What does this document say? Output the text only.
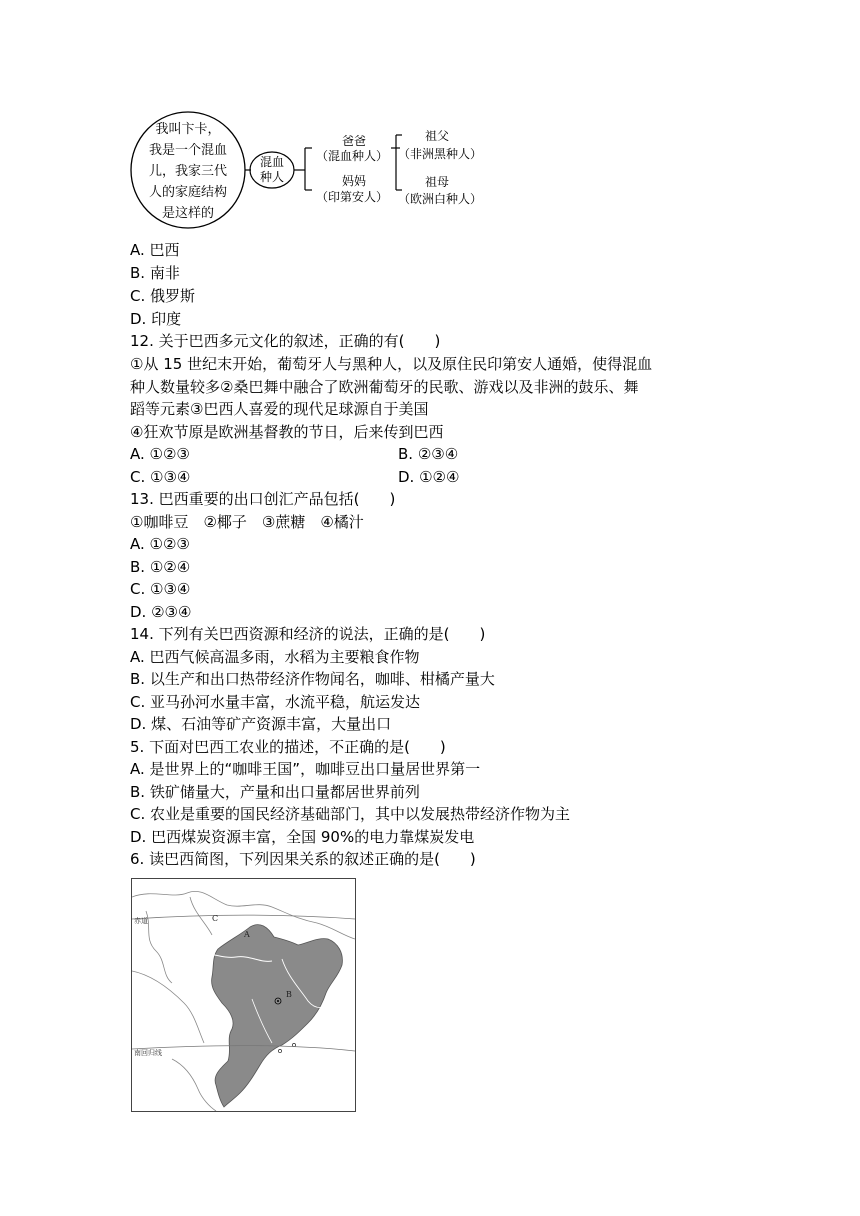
我叫卞卡，
我是一个混血
儿，我家三代
人的家庭结构
是这样的
混血
种人
爸爸
（混血种人）
妈妈
（印第安人）
祖父
（非洲黑种人）
祖母
（欧洲白种人）
A. 巴西
B. 南非
C. 俄罗斯
D. 印度
12. 关于巴西多元文化的叙述，正确的有(　　)
①从 15 世纪末开始，葡萄牙人与黑种人，以及原住民印第安人通婚，使得混血
种人数量较多②桑巴舞中融合了欧洲葡萄牙的民歌、游戏以及非洲的鼓乐、舞
蹈等元素③巴西人喜爱的现代足球源自于美国
④狂欢节原是欧洲基督教的节日，后来传到巴西
A. ①②③	B. ②③④
C. ①③④	D. ①②④
13. 巴西重要的出口创汇产品包括(　　)
①咖啡豆　②椰子　③蔗糖　④橘汁
A. ①②③
B. ①②④
C. ①③④
D. ②③④
14. 下列有关巴西资源和经济的说法，正确的是(　　)
A. 巴西气候高温多雨，水稻为主要粮食作物
B. 以生产和出口热带经济作物闻名，咖啡、柑橘产量大
C. 亚马孙河水量丰富，水流平稳，航运发达
D. 煤、石油等矿产资源丰富，大量出口
5. 下面对巴西工农业的描述，不正确的是(　　)
A. 是世界上的“咖啡王国”，咖啡豆出口量居世界第一
B. 铁矿储量大，产量和出口量都居世界前列
C. 农业是重要的国民经济基础部门，其中以发展热带经济作物为主
D. 巴西煤炭资源丰富，全国 90%的电力靠煤炭发电
6. 读巴西简图，下列因果关系的叙述正确的是(　　)
赤道
南回归线
A
B
C
